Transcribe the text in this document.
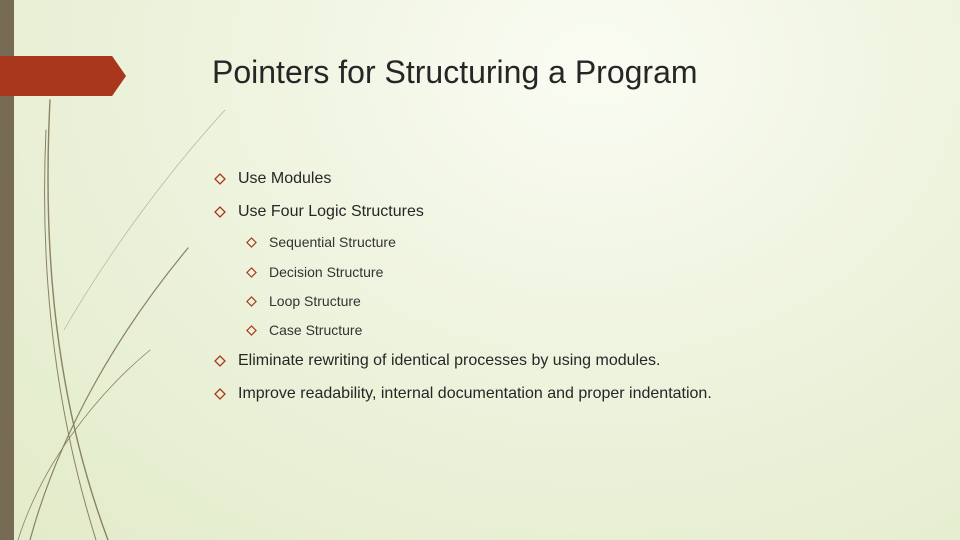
Pointers for Structuring a Program
Use Modules
Use Four Logic Structures
Sequential Structure
Decision Structure
Loop Structure
Case Structure
Eliminate rewriting of identical processes by using modules.
Improve readability, internal documentation and proper indentation.
